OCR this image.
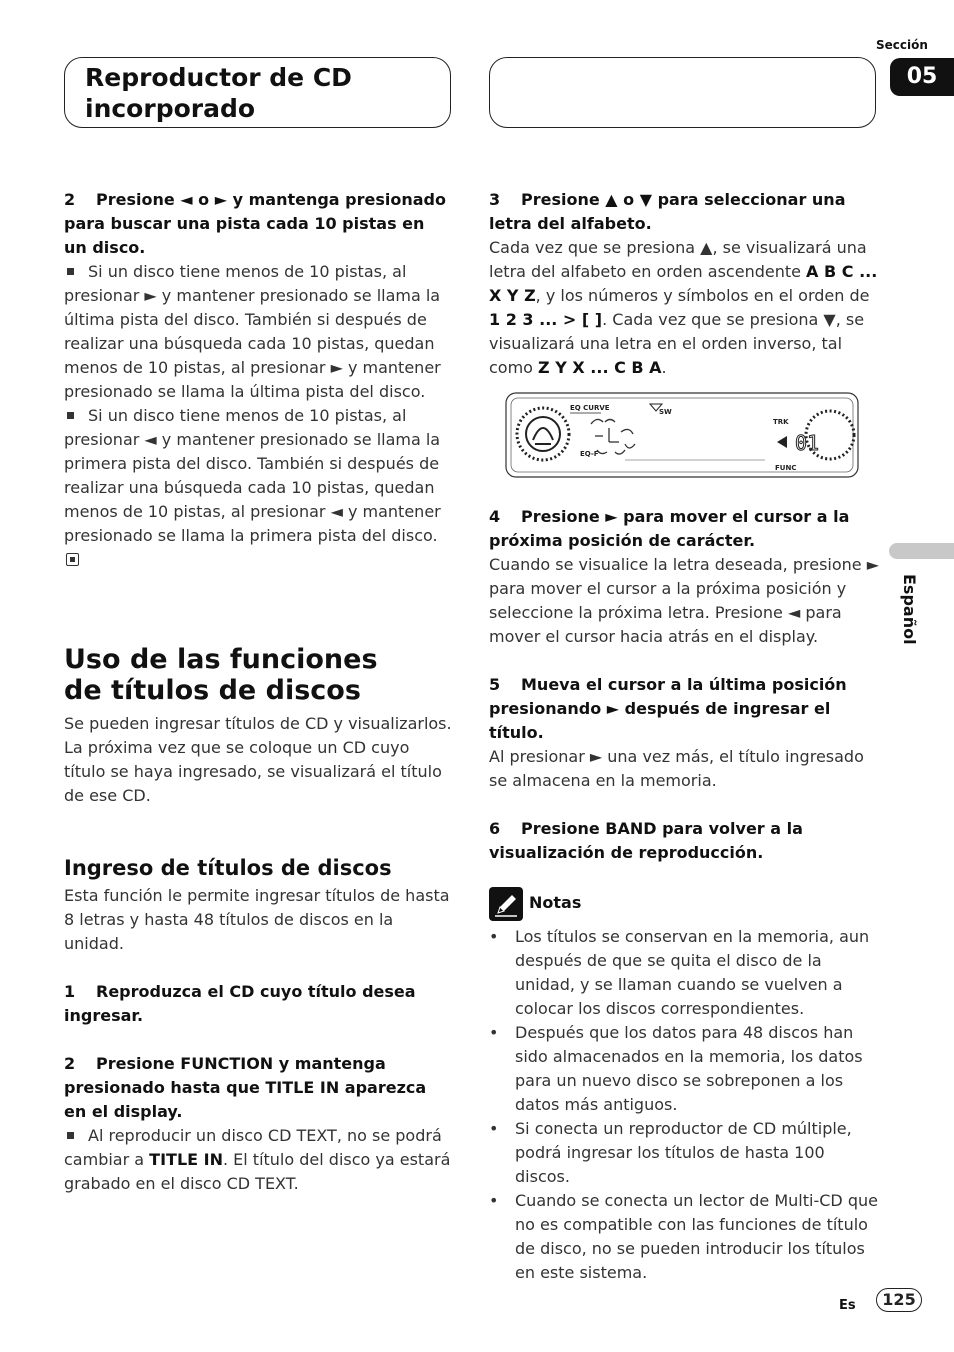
Reproductor de CD incorporado
Sección
05
Español

2 Presione ◄ o ► y mantenga presionado para buscar una pista cada 10 pistas en un disco.

Si un disco tiene menos de 10 pistas, al presionar ► y mantener presionado se llama la última pista del disco. También si después de realizar una búsqueda cada 10 pistas, quedan menos de 10 pistas, al presionar ► y mantener presionado se llama la última pista del disco.

Si un disco tiene menos de 10 pistas, al presionar ◄ y mantener presionado se llama la primera pista del disco. También si después de realizar una búsqueda cada 10 pistas, quedan menos de 10 pistas, al presionar ◄ y mantener presionado se llama la primera pista del disco.

Uso de las funciones de títulos de discos

Se pueden ingresar títulos de CD y visualizarlos. La próxima vez que se coloque un CD cuyo título se haya ingresado, se visualizará el título de ese CD.

Ingreso de títulos de discos

Esta función le permite ingresar títulos de hasta 8 letras y hasta 48 títulos de discos en la unidad.

1 Reproduzca el CD cuyo título desea ingresar.

2 Presione FUNCTION y mantenga presionado hasta que TITLE IN aparezca en el display.

Al reproducir un disco CD TEXT, no se podrá cambiar a TITLE IN. El título del disco ya estará grabado en el disco CD TEXT.

3 Presione ▲ o ▼ para seleccionar una letra del alfabeto.

Cada vez que se presiona ▲, se visualizará una letra del alfabeto en orden ascendente A B C ... X Y Z, y los números y símbolos en el orden de 1 2 3 ... > [ ]. Cada vez que se presiona ▼, se visualizará una letra en el orden inverso, tal como Z Y X ... C B A.

EQ CURVE	SW
EQ-F
TRK
FUNC
01

4 Presione ► para mover el cursor a la próxima posición de carácter.

Cuando se visualice la letra deseada, presione ► para mover el cursor a la próxima posición y seleccione la próxima letra. Presione ◄ para mover el cursor hacia atrás en el display.

5 Mueva el cursor a la última posición presionando ► después de ingresar el título.

Al presionar ► una vez más, el título ingresado se almacena en la memoria.

6 Presione BAND para volver a la visualización de reproducción.

Notas
• Los títulos se conservan en la memoria, aun después de que se quita el disco de la unidad, y se llaman cuando se vuelven a colocar los discos correspondientes.
• Después que los datos para 48 discos han sido almacenados en la memoria, los datos para un nuevo disco se sobreponen a los datos más antiguos.
• Si conecta un reproductor de CD múltiple, podrá ingresar los títulos de hasta 100 discos.
• Cuando se conecta un lector de Multi-CD que no es compatible con las funciones de título de disco, no se pueden introducir los títulos en este sistema.
Es	125
